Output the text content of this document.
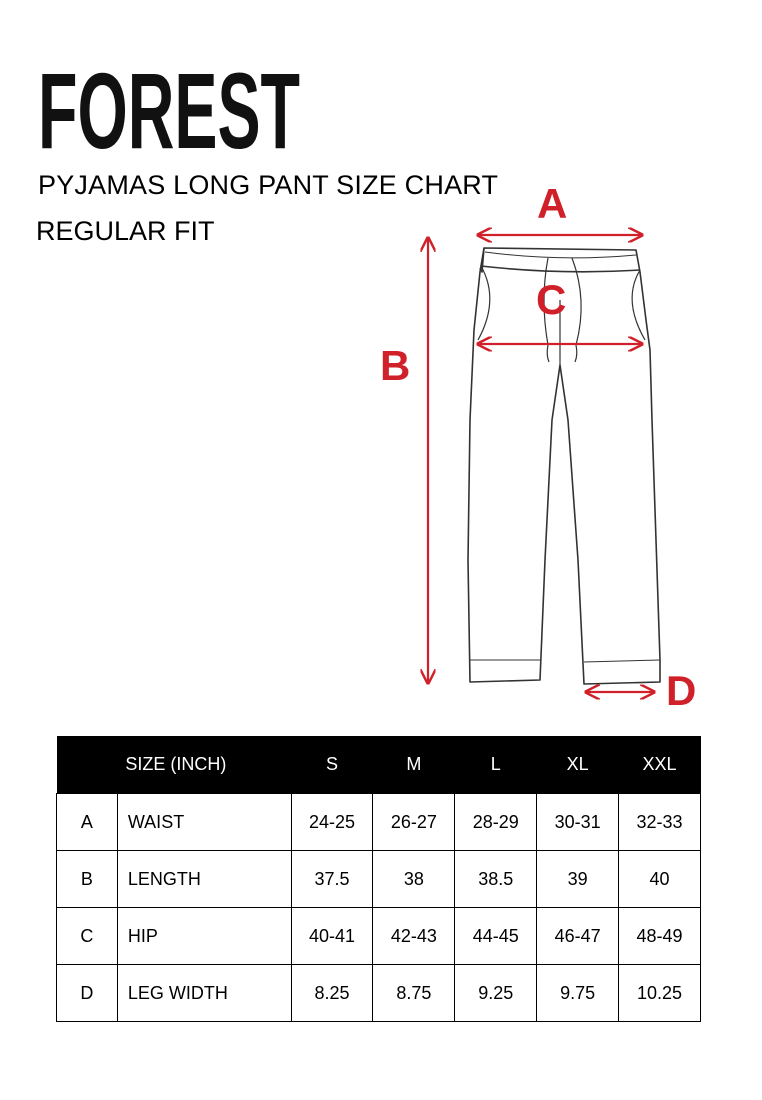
FOREST
PYJAMAS LONG PANT SIZE CHART
REGULAR FIT
A
B
C
D
	SIZE (INCH)	S	M	L	XL	XXL
A	WAIST	24-25	26-27	28-29	30-31	32-33
B	LENGTH	37.5	38	38.5	39	40
C	HIP	40-41	42-43	44-45	46-47	48-49
D	LEG WIDTH	8.25	8.75	9.25	9.75	10.25
